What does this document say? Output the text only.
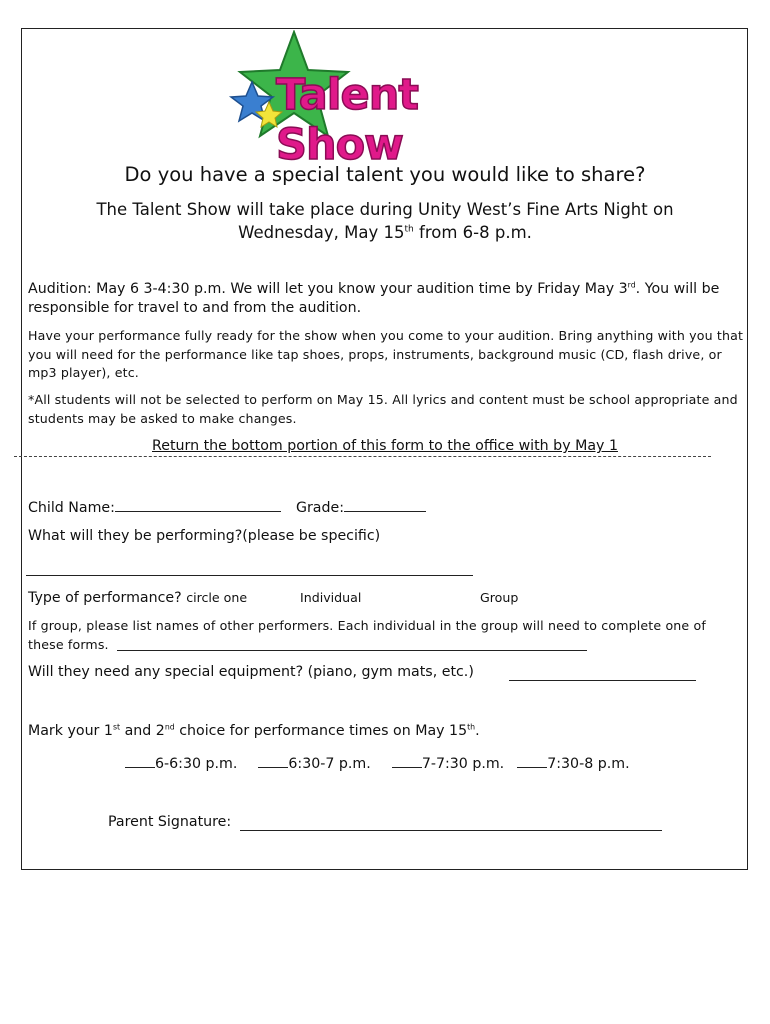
Talent Show
Do you have a special talent you would like to share?
The Talent Show will take place during Unity West’s Fine Arts Night on
Wednesday, May 15th from 6-8 p.m.
Audition: May 6 3-4:30 p.m. We will let you know your audition time by Friday May 3rd. You will be responsible for travel to and from the audition.
Have your performance fully ready for the show when you come to your audition. Bring anything with you that you will need for the performance like tap shoes, props, instruments, background music (CD, flash drive, or mp3 player), etc.
*All students will not be selected to perform on May 15. All lyrics and content must be school appropriate and students may be asked to make changes.
Return the bottom portion of this form to the office with by May 1
Child Name:	Grade:
What will they be performing?(please be specific)
Type of performance? circle one	Individual	Group
If group, please list names of other performers. Each individual in the group will need to complete one of these forms.
Will they need any special equipment? (piano, gym mats, etc.)
Mark your 1st and 2nd choice for performance times on May 15th.
6-6:30 p.m.	6:30-7 p.m.	7-7:30 p.m.	7:30-8 p.m.
Parent Signature:
